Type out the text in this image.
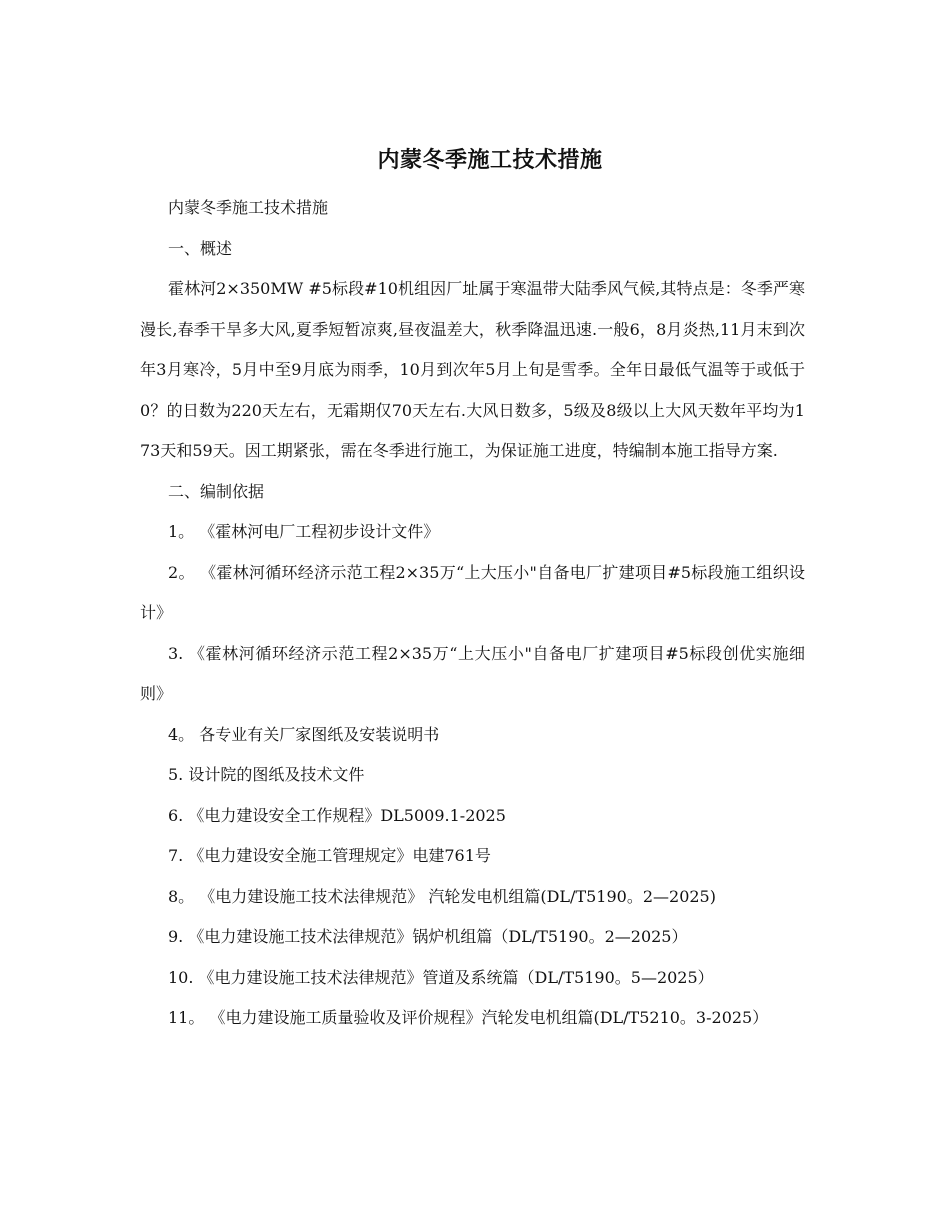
内蒙冬季施工技术措施

内蒙冬季施工技术措施

一、概述

霍林河2×350MW #5标段#10机组因厂址属于寒温带大陆季风气候,其特点是：冬季严寒漫长,春季干旱多大风,夏季短暂凉爽,昼夜温差大，秋季降温迅速.一般6，8月炎热,11月末到次年3月寒冷，5月中至9月底为雨季，10月到次年5月上旬是雪季。全年日最低气温等于或低于0？的日数为220天左右，无霜期仅70天左右.大风日数多，5级及8级以上大风天数年平均为173天和59天。因工期紧张，需在冬季进行施工，为保证施工进度，特编制本施工指导方案.

二、编制依据

1。 《霍林河电厂工程初步设计文件》

2。 《霍林河循环经济示范工程2×35万“上大压小"自备电厂扩建项目#5标段施工组织设计》

3. 《霍林河循环经济示范工程2×35万“上大压小"自备电厂扩建项目#5标段创优实施细则》

4。 各专业有关厂家图纸及安装说明书

5. 设计院的图纸及技术文件

6. 《电力建设安全工作规程》DL5009.1-2025

7. 《电力建设安全施工管理规定》电建761号

8。 《电力建设施工技术法律规范》 汽轮发电机组篇(DL/T5190。2—2025)

9. 《电力建设施工技术法律规范》锅炉机组篇（DL/T5190。2—2025）

10. 《电力建设施工技术法律规范》管道及系统篇（DL/T5190。5—2025）

11。 《电力建设施工质量验收及评价规程》汽轮发电机组篇(DL/T5210。3-2025）
